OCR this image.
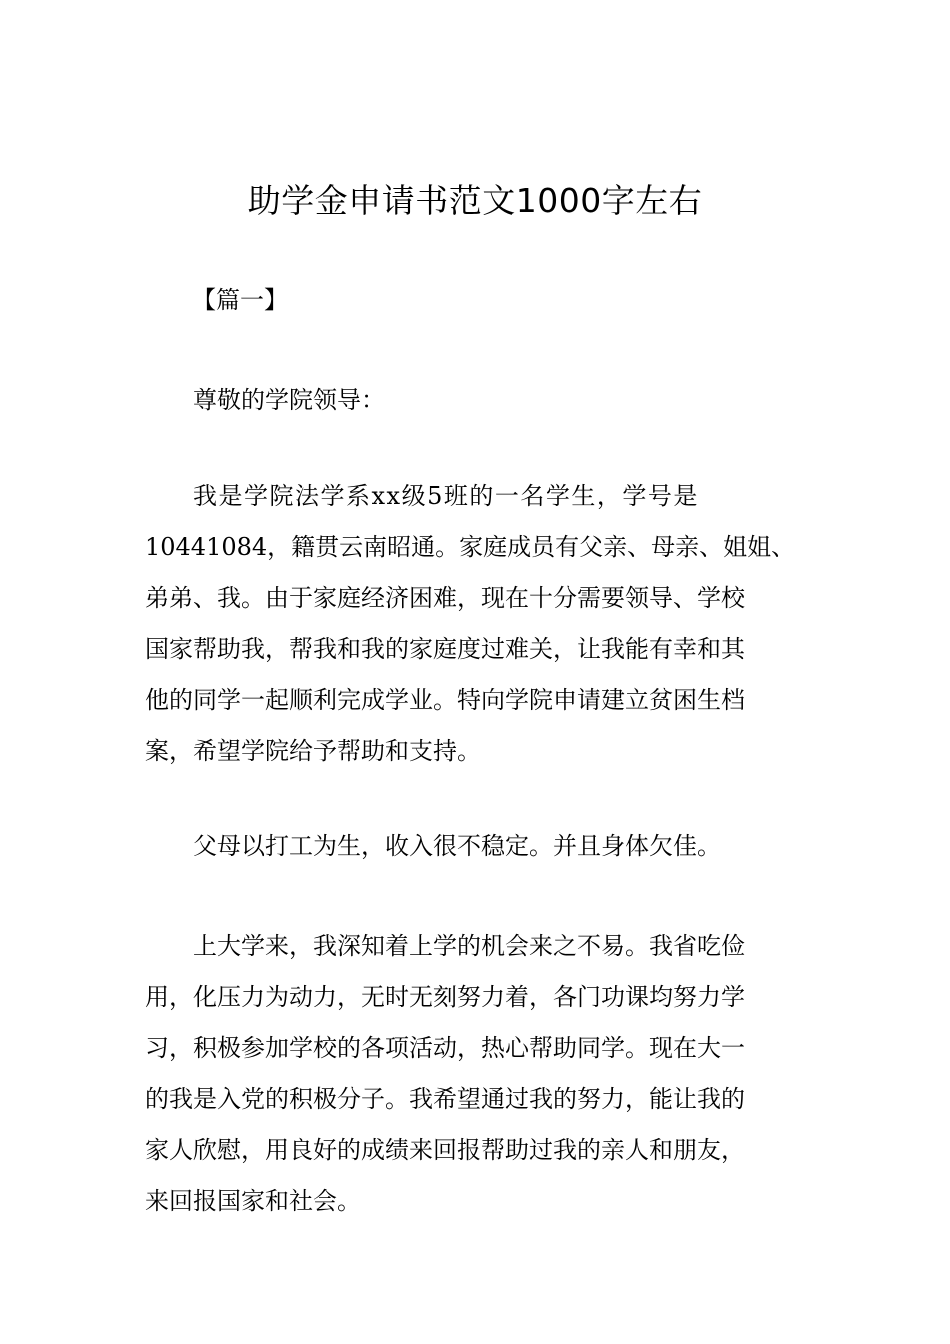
助学金申请书范文1000字左右
【篇一】

尊敬的学院领导：

我是学院法学系xx级5班的一名学生，学号是
10441084，籍贯云南昭通。家庭成员有父亲、母亲、姐姐、
弟弟、我。由于家庭经济困难，现在十分需要领导、学校
国家帮助我，帮我和我的家庭度过难关，让我能有幸和其
他的同学一起顺利完成学业。特向学院申请建立贫困生档
案，希望学院给予帮助和支持。

父母以打工为生，收入很不稳定。并且身体欠佳。

上大学来，我深知着上学的机会来之不易。我省吃俭
用，化压力为动力，无时无刻努力着，各门功课均努力学
习，积极参加学校的各项活动，热心帮助同学。现在大一
的我是入党的积极分子。我希望通过我的努力，能让我的
家人欣慰，用良好的成绩来回报帮助过我的亲人和朋友，
来回报国家和社会。
